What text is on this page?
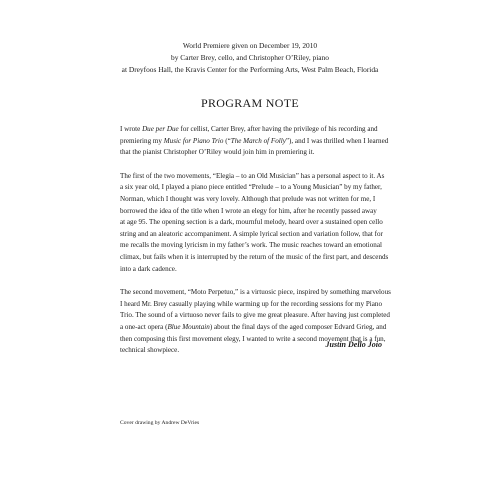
World Premiere given on December 19, 2010
by Carter Brey, cello, and Christopher O’Riley, piano
at Dreyfoos Hall, the Kravis Center for the Performing Arts, West Palm Beach, Florida
PROGRAM NOTE
I wrote Due per Due for cellist, Carter Brey, after having the privilege of his recording and
premiering my Music for Piano Trio (“The March of Folly”), and I was thrilled when I learned
that the pianist Christopher O’Riley would join him in premiering it.
The first of the two movements, “Elegia – to an Old Musician” has a personal aspect to it. As
a six year old, I played a piano piece entitled “Prelude – to a Young Musician” by my father,
Norman, which I thought was very lovely. Although that prelude was not written for me, I
borrowed the idea of the title when I wrote an elegy for him, after he recently passed away
at age 95. The opening section is a dark, mournful melody, heard over a sustained open cello
string and an aleatoric accompaniment. A simple lyrical section and variation follow, that for
me recalls the moving lyricism in my father’s work. The music reaches toward an emotional
climax, but fails when it is interrupted by the return of the music of the first part, and descends
into a dark cadence.
The second movement, “Moto Perpetuo,” is a virtuosic piece, inspired by something marvelous
I heard Mr. Brey casually playing while warming up for the recording sessions for my Piano
Trio. The sound of a virtuoso never fails to give me great pleasure. After having just completed
a one-act opera (Blue Mountain) about the final days of the aged composer Edvard Grieg, and
then composing this first movement elegy, I wanted to write a second movement that is a fun,
technical showpiece.
Justin Dello Joio
Cover drawing by Andrew DeVries
